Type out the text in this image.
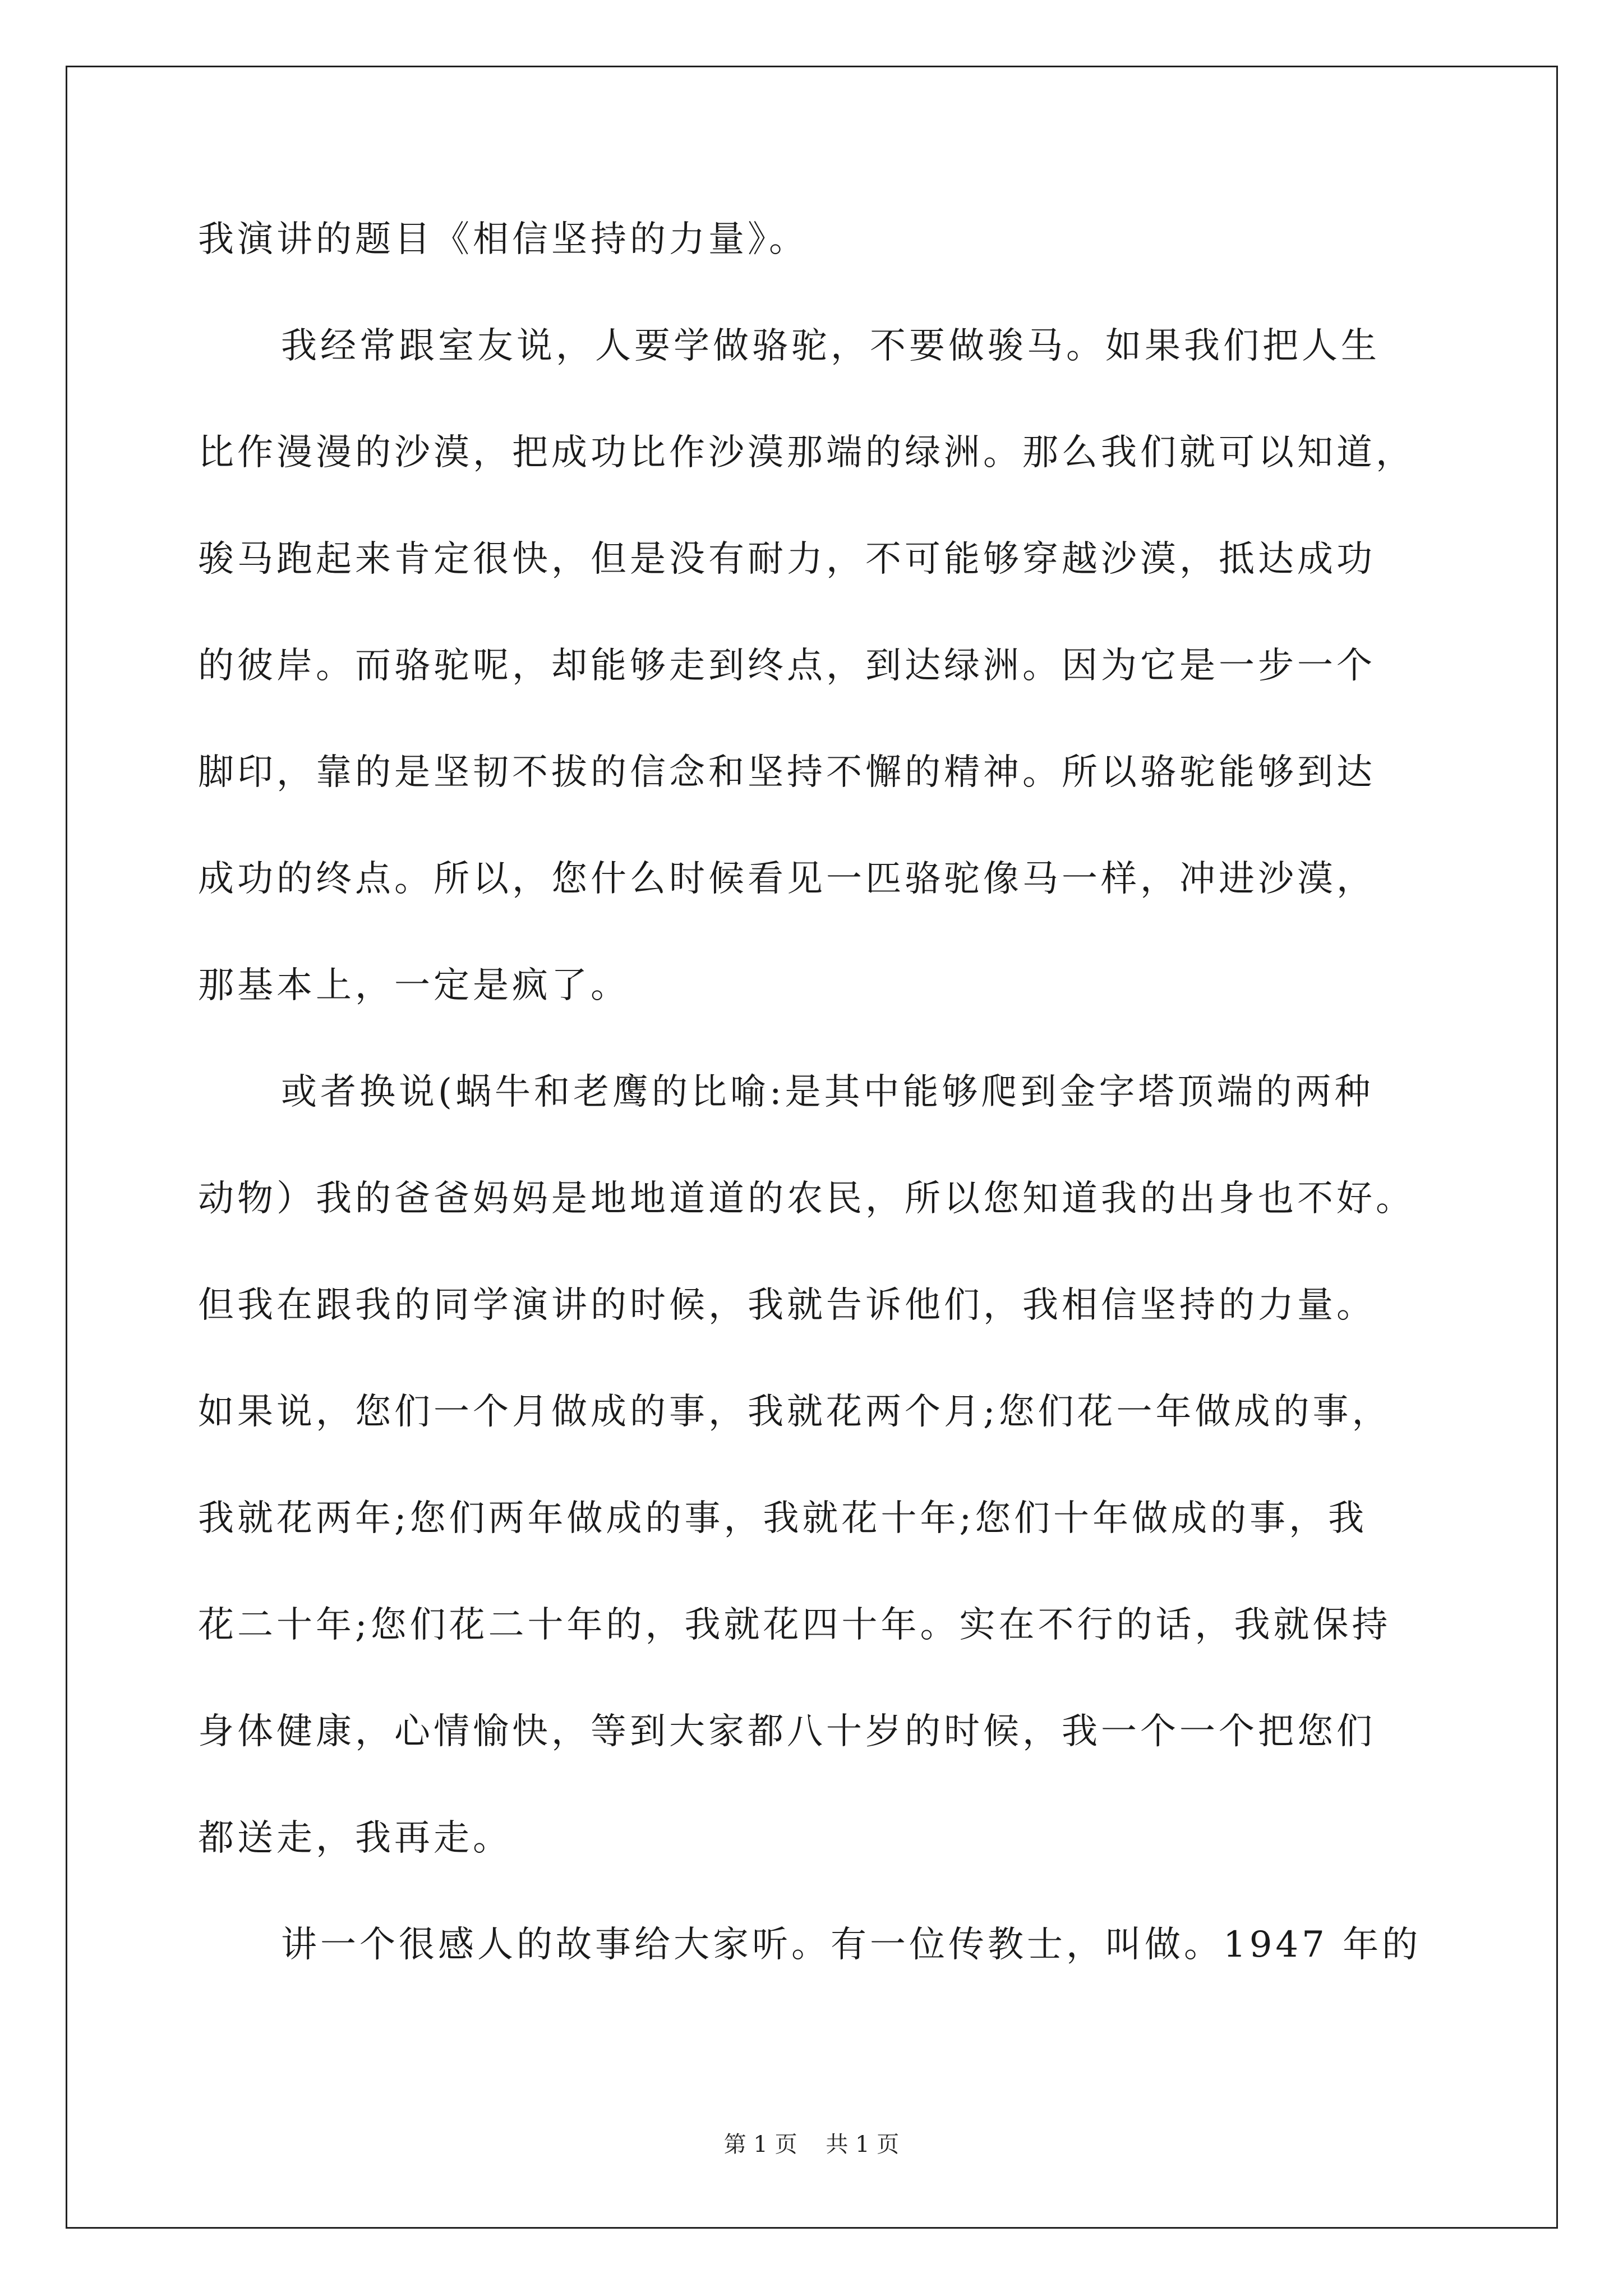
我演讲的题目《相信坚持的力量》。
我经常跟室友说，人要学做骆驼，不要做骏马。如果我们把人生
比作漫漫的沙漠，把成功比作沙漠那端的绿洲。那么我们就可以知道，
骏马跑起来肯定很快，但是没有耐力，不可能够穿越沙漠，抵达成功
的彼岸。而骆驼呢，却能够走到终点，到达绿洲。因为它是一步一个
脚印，靠的是坚韧不拔的信念和坚持不懈的精神。所以骆驼能够到达
成功的终点。所以，您什么时候看见一匹骆驼像马一样，冲进沙漠，
那基本上，一定是疯了。
或者换说(蜗牛和老鹰的比喻:是其中能够爬到金字塔顶端的两种
动物）我的爸爸妈妈是地地道道的农民，所以您知道我的出身也不好。
但我在跟我的同学演讲的时候，我就告诉他们，我相信坚持的力量。
如果说，您们一个月做成的事，我就花两个月;您们花一年做成的事，
我就花两年;您们两年做成的事，我就花十年;您们十年做成的事，我
花二十年;您们花二十年的，我就花四十年。实在不行的话，我就保持
身体健康，心情愉快，等到大家都八十岁的时候，我一个一个把您们
都送走，我再走。
讲一个很感人的故事给大家听。有一位传教士，叫做。1947 年的
第 1 页    共 1 页
